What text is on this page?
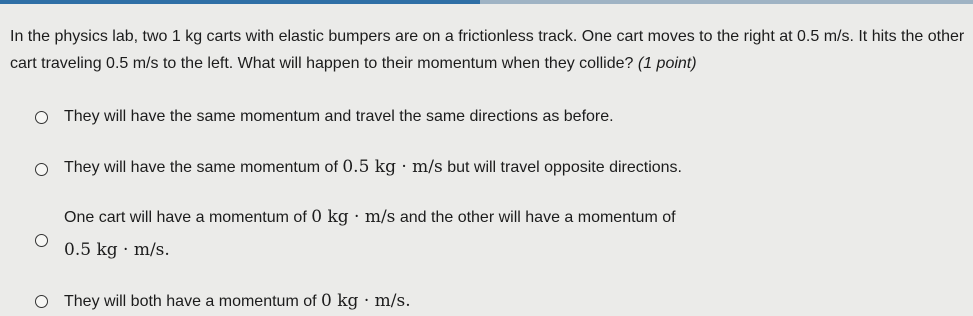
In the physics lab, two 1 kg carts with elastic bumpers are on a frictionless track. One cart moves to the right at 0.5 m/s. It hits the other cart traveling 0.5 m/s to the left. What will happen to their momentum when they collide? (1 point)

They will have the same momentum and travel the same directions as before.
They will have the same momentum of 0.5 kg · m/s but will travel opposite directions.
One cart will have a momentum of 0 kg · m/s and the other will have a momentum of
0.5 kg · m/s.
They will both have a momentum of 0 kg · m/s.
